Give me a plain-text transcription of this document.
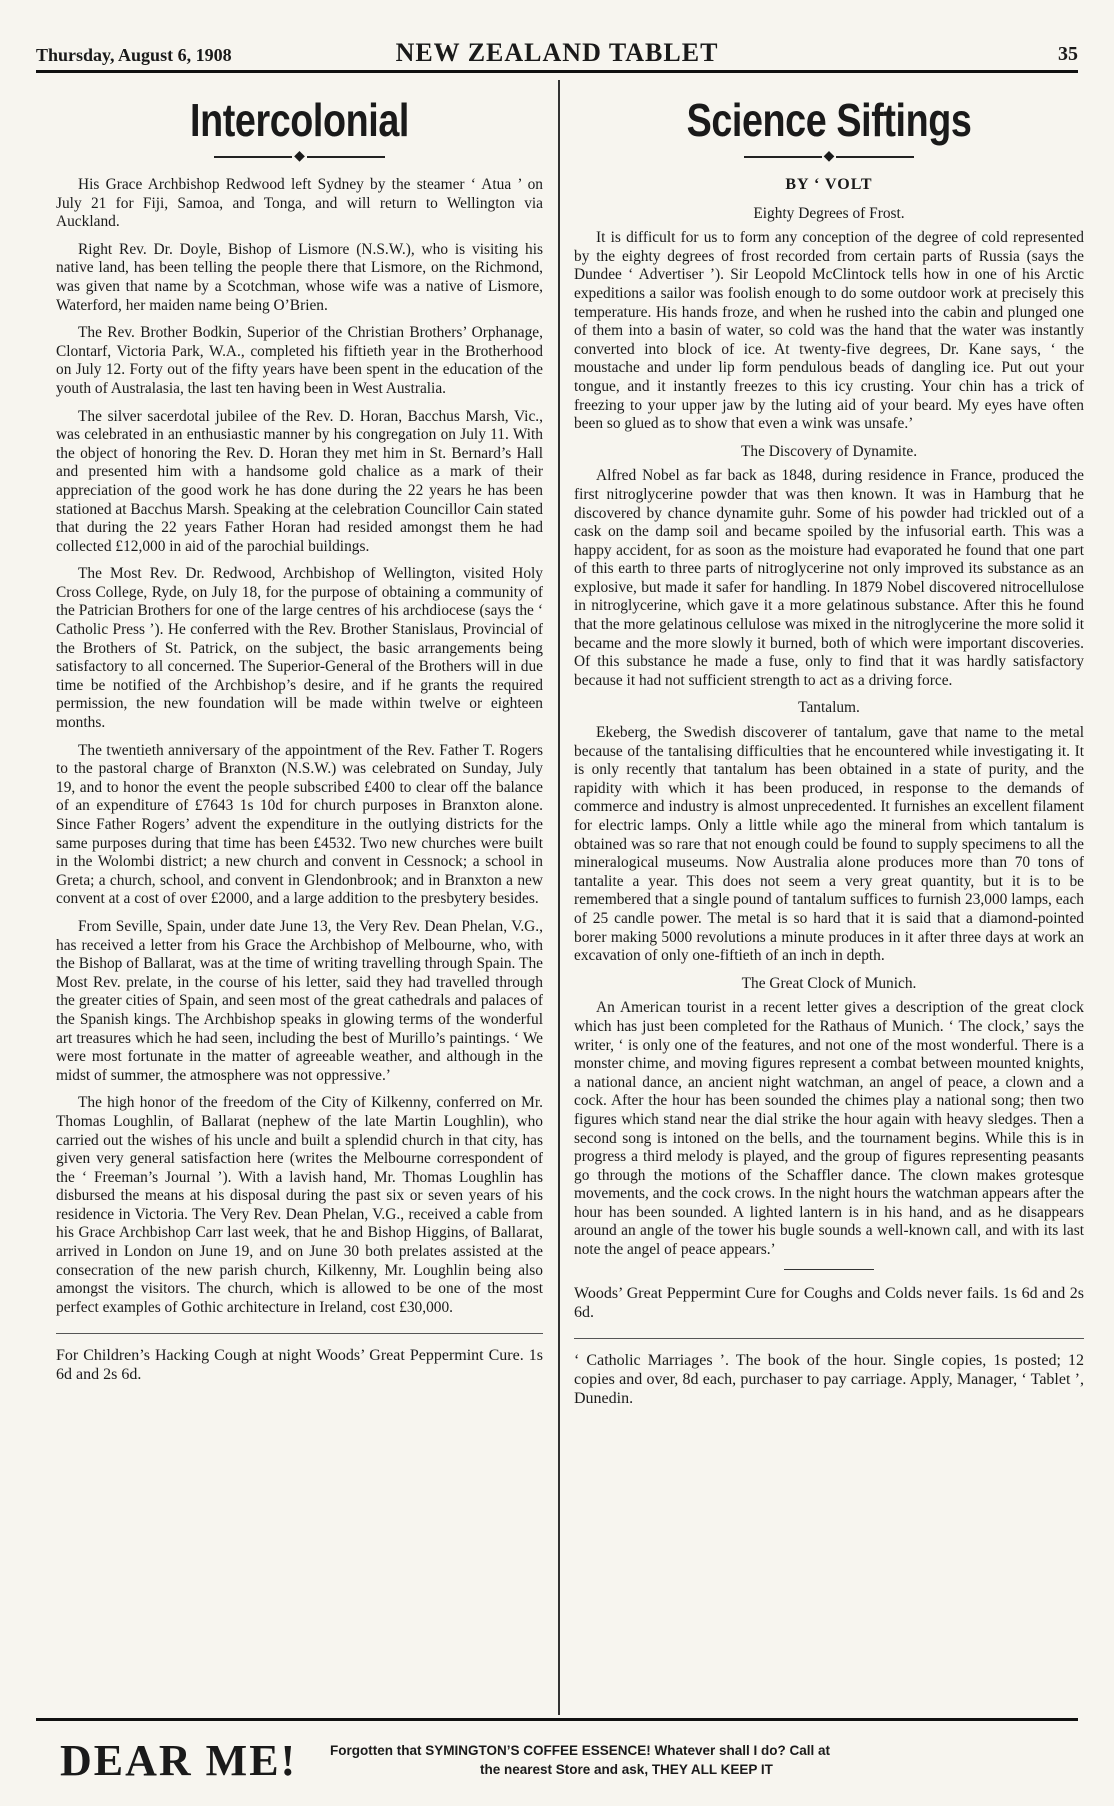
Thursday, August 6, 1908	NEW ZEALAND TABLET	35
Intercolonial
◆

His Grace Archbishop Redwood left Sydney by the steamer ‘ Atua ’ on July 21 for Fiji, Samoa, and Tonga, and will return to Wellington via Auckland.

Right Rev. Dr. Doyle, Bishop of Lismore (N.S.W.), who is visiting his native land, has been telling the people there that Lismore, on the Richmond, was given that name by a Scotchman, whose wife was a native of Lismore, Waterford, her maiden name being O’Brien.

The Rev. Brother Bodkin, Superior of the Christian Brothers’ Orphanage, Clontarf, Victoria Park, W.A., completed his fiftieth year in the Brotherhood on July 12. Forty out of the fifty years have been spent in the education of the youth of Australasia, the last ten having been in West Australia.

The silver sacerdotal jubilee of the Rev. D. Horan, Bacchus Marsh, Vic., was celebrated in an enthusiastic manner by his congregation on July 11. With the object of honoring the Rev. D. Horan they met him in St. Bernard’s Hall and presented him with a handsome gold chalice as a mark of their appreciation of the good work he has done during the 22 years he has been stationed at Bacchus Marsh. Speaking at the celebration Councillor Cain stated that during the 22 years Father Horan had resided amongst them he had collected £12,000 in aid of the parochial buildings.

The Most Rev. Dr. Redwood, Archbishop of Wellington, visited Holy Cross College, Ryde, on July 18, for the purpose of obtaining a community of the Patrician Brothers for one of the large centres of his archdiocese (says the ‘ Catholic Press ’). He conferred with the Rev. Brother Stanislaus, Provincial of the Brothers of St. Patrick, on the subject, the basic arrangements being satisfactory to all concerned. The Superior-General of the Brothers will in due time be notified of the Archbishop’s desire, and if he grants the required permission, the new foundation will be made within twelve or eighteen months.

The twentieth anniversary of the appointment of the Rev. Father T. Rogers to the pastoral charge of Branxton (N.S.W.) was celebrated on Sunday, July 19, and to honor the event the people subscribed £400 to clear off the balance of an expenditure of £7643 1s 10d for church purposes in Branxton alone. Since Father Rogers’ advent the expenditure in the outlying districts for the same purposes during that time has been £4532. Two new churches were built in the Wolombi district; a new church and convent in Cessnock; a school in Greta; a church, school, and convent in Glendonbrook; and in Branxton a new convent at a cost of over £2000, and a large addition to the presbytery besides.

From Seville, Spain, under date June 13, the Very Rev. Dean Phelan, V.G., has received a letter from his Grace the Archbishop of Melbourne, who, with the Bishop of Ballarat, was at the time of writing travelling through Spain. The Most Rev. prelate, in the course of his letter, said they had travelled through the greater cities of Spain, and seen most of the great cathedrals and palaces of the Spanish kings. The Archbishop speaks in glowing terms of the wonderful art treasures which he had seen, including the best of Murillo’s paintings. ‘ We were most fortunate in the matter of agreeable weather, and although in the midst of summer, the atmosphere was not oppressive.’

The high honor of the freedom of the City of Kilkenny, conferred on Mr. Thomas Loughlin, of Ballarat (nephew of the late Martin Loughlin), who carried out the wishes of his uncle and built a splendid church in that city, has given very general satisfaction here (writes the Melbourne correspondent of the ‘ Freeman’s Journal ’). With a lavish hand, Mr. Thomas Loughlin has disbursed the means at his disposal during the past six or seven years of his residence in Victoria. The Very Rev. Dean Phelan, V.G., received a cable from his Grace Archbishop Carr last week, that he and Bishop Higgins, of Ballarat, arrived in London on June 19, and on June 30 both prelates assisted at the consecration of the new parish church, Kilkenny, Mr. Loughlin being also amongst the visitors. The church, which is allowed to be one of the most perfect examples of Gothic architecture in Ireland, cost £30,000.

For Children’s Hacking Cough at night Woods’ Great Peppermint Cure. 1s 6d and 2s 6d.
Science Siftings
◆
BY ‘ VOLT
Eighty Degrees of Frost.

It is difficult for us to form any conception of the degree of cold represented by the eighty degrees of frost recorded from certain parts of Russia (says the Dundee ‘ Advertiser ’). Sir Leopold McClintock tells how in one of his Arctic expeditions a sailor was foolish enough to do some outdoor work at precisely this temperature. His hands froze, and when he rushed into the cabin and plunged one of them into a basin of water, so cold was the hand that the water was instantly converted into block of ice. At twenty-five degrees, Dr. Kane says, ‘ the moustache and under lip form pendulous beads of dangling ice. Put out your tongue, and it instantly freezes to this icy crusting. Your chin has a trick of freezing to your upper jaw by the luting aid of your beard. My eyes have often been so glued as to show that even a wink was unsafe.’

The Discovery of Dynamite.

Alfred Nobel as far back as 1848, during residence in France, produced the first nitroglycerine powder that was then known. It was in Hamburg that he discovered by chance dynamite guhr. Some of his powder had trickled out of a cask on the damp soil and became spoiled by the infusorial earth. This was a happy accident, for as soon as the moisture had evaporated he found that one part of this earth to three parts of nitroglycerine not only improved its substance as an explosive, but made it safer for handling. In 1879 Nobel discovered nitrocellulose in nitroglycerine, which gave it a more gelatinous substance. After this he found that the more gelatinous cellulose was mixed in the nitroglycerine the more solid it became and the more slowly it burned, both of which were important discoveries. Of this substance he made a fuse, only to find that it was hardly satisfactory because it had not sufficient strength to act as a driving force.

Tantalum.

Ekeberg, the Swedish discoverer of tantalum, gave that name to the metal because of the tantalising difficulties that he encountered while investigating it. It is only recently that tantalum has been obtained in a state of purity, and the rapidity with which it has been produced, in response to the demands of commerce and industry is almost unprecedented. It furnishes an excellent filament for electric lamps. Only a little while ago the mineral from which tantalum is obtained was so rare that not enough could be found to supply specimens to all the mineralogical museums. Now Australia alone produces more than 70 tons of tantalite a year. This does not seem a very great quantity, but it is to be remembered that a single pound of tantalum suffices to furnish 23,000 lamps, each of 25 candle power. The metal is so hard that it is said that a diamond-pointed borer making 5000 revolutions a minute produces in it after three days at work an excavation of only one-fiftieth of an inch in depth.

The Great Clock of Munich.

An American tourist in a recent letter gives a description of the great clock which has just been completed for the Rathaus of Munich. ‘ The clock,’ says the writer, ‘ is only one of the features, and not one of the most wonderful. There is a monster chime, and moving figures represent a combat between mounted knights, a national dance, an ancient night watchman, an angel of peace, a clown and a cock. After the hour has been sounded the chimes play a national song; then two figures which stand near the dial strike the hour again with heavy sledges. Then a second song is intoned on the bells, and the tournament begins. While this is in progress a third melody is played, and the group of figures representing peasants go through the motions of the Schaffler dance. The clown makes grotesque movements, and the cock crows. In the night hours the watchman appears after the hour has been sounded. A lighted lantern is in his hand, and as he disappears around an angle of the tower his bugle sounds a well-known call, and with its last note the angel of peace appears.’

Woods’ Great Peppermint Cure for Coughs and Colds never fails. 1s 6d and 2s 6d.
‘ Catholic Marriages ’. The book of the hour. Single copies, 1s posted; 12 copies and over, 8d each, purchaser to pay carriage. Apply, Manager, ‘ Tablet ’, Dunedin.
DEAR ME!	Forgotten that SYMINGTON’S COFFEE ESSENCE! Whatever shall I do? Call at
the nearest Store and ask, THEY ALL KEEP IT
